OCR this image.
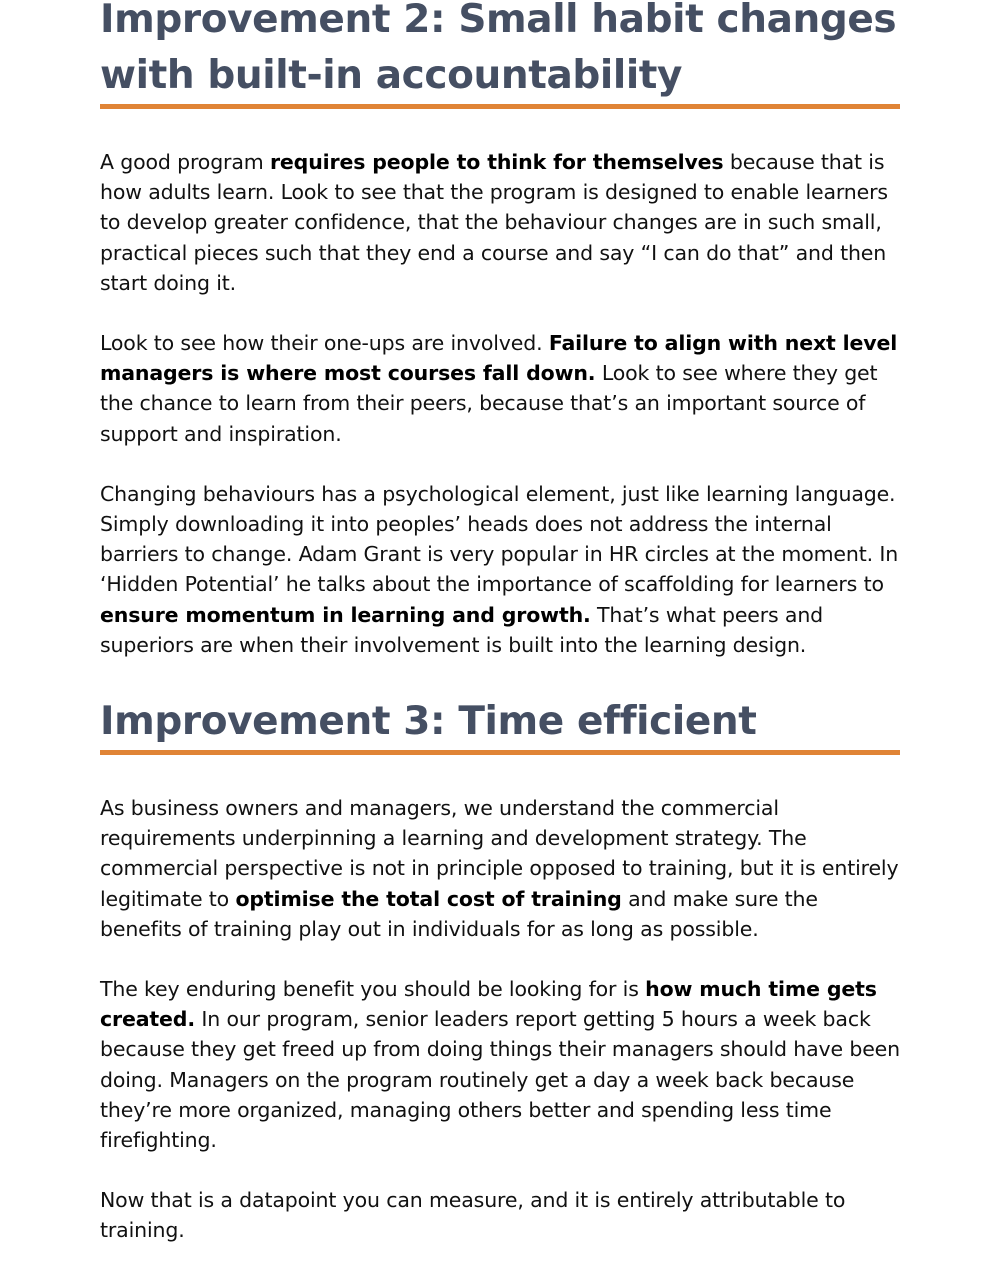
Improvement 2: Small habit changes with built-in accountability

A good program requires people to think for themselves because that is how adults learn. Look to see that the program is designed to enable learners to develop greater confidence, that the behaviour changes are in such small, practical pieces such that they end a course and say “I can do that” and then start doing it.

Look to see how their one-ups are involved. Failure to align with next level managers is where most courses fall down. Look to see where they get the chance to learn from their peers, because that’s an important source of support and inspiration.

Changing behaviours has a psychological element, just like learning language. Simply downloading it into peoples’ heads does not address the internal barriers to change. Adam Grant is very popular in HR circles at the moment. In ‘Hidden Potential’ he talks about the importance of scaffolding for learners to ensure momentum in learning and growth. That’s what peers and superiors are when their involvement is built into the learning design.

Improvement 3: Time efficient

As business owners and managers, we understand the commercial requirements underpinning a learning and development strategy. The commercial perspective is not in principle opposed to training, but it is entirely legitimate to optimise the total cost of training and make sure the benefits of training play out in individuals for as long as possible.

The key enduring benefit you should be looking for is how much time gets created. In our program, senior leaders report getting 5 hours a week back because they get freed up from doing things their managers should have been doing. Managers on the program routinely get a day a week back because they’re more organized, managing others better and spending less time firefighting.

Now that is a datapoint you can measure, and it is entirely attributable to training.
